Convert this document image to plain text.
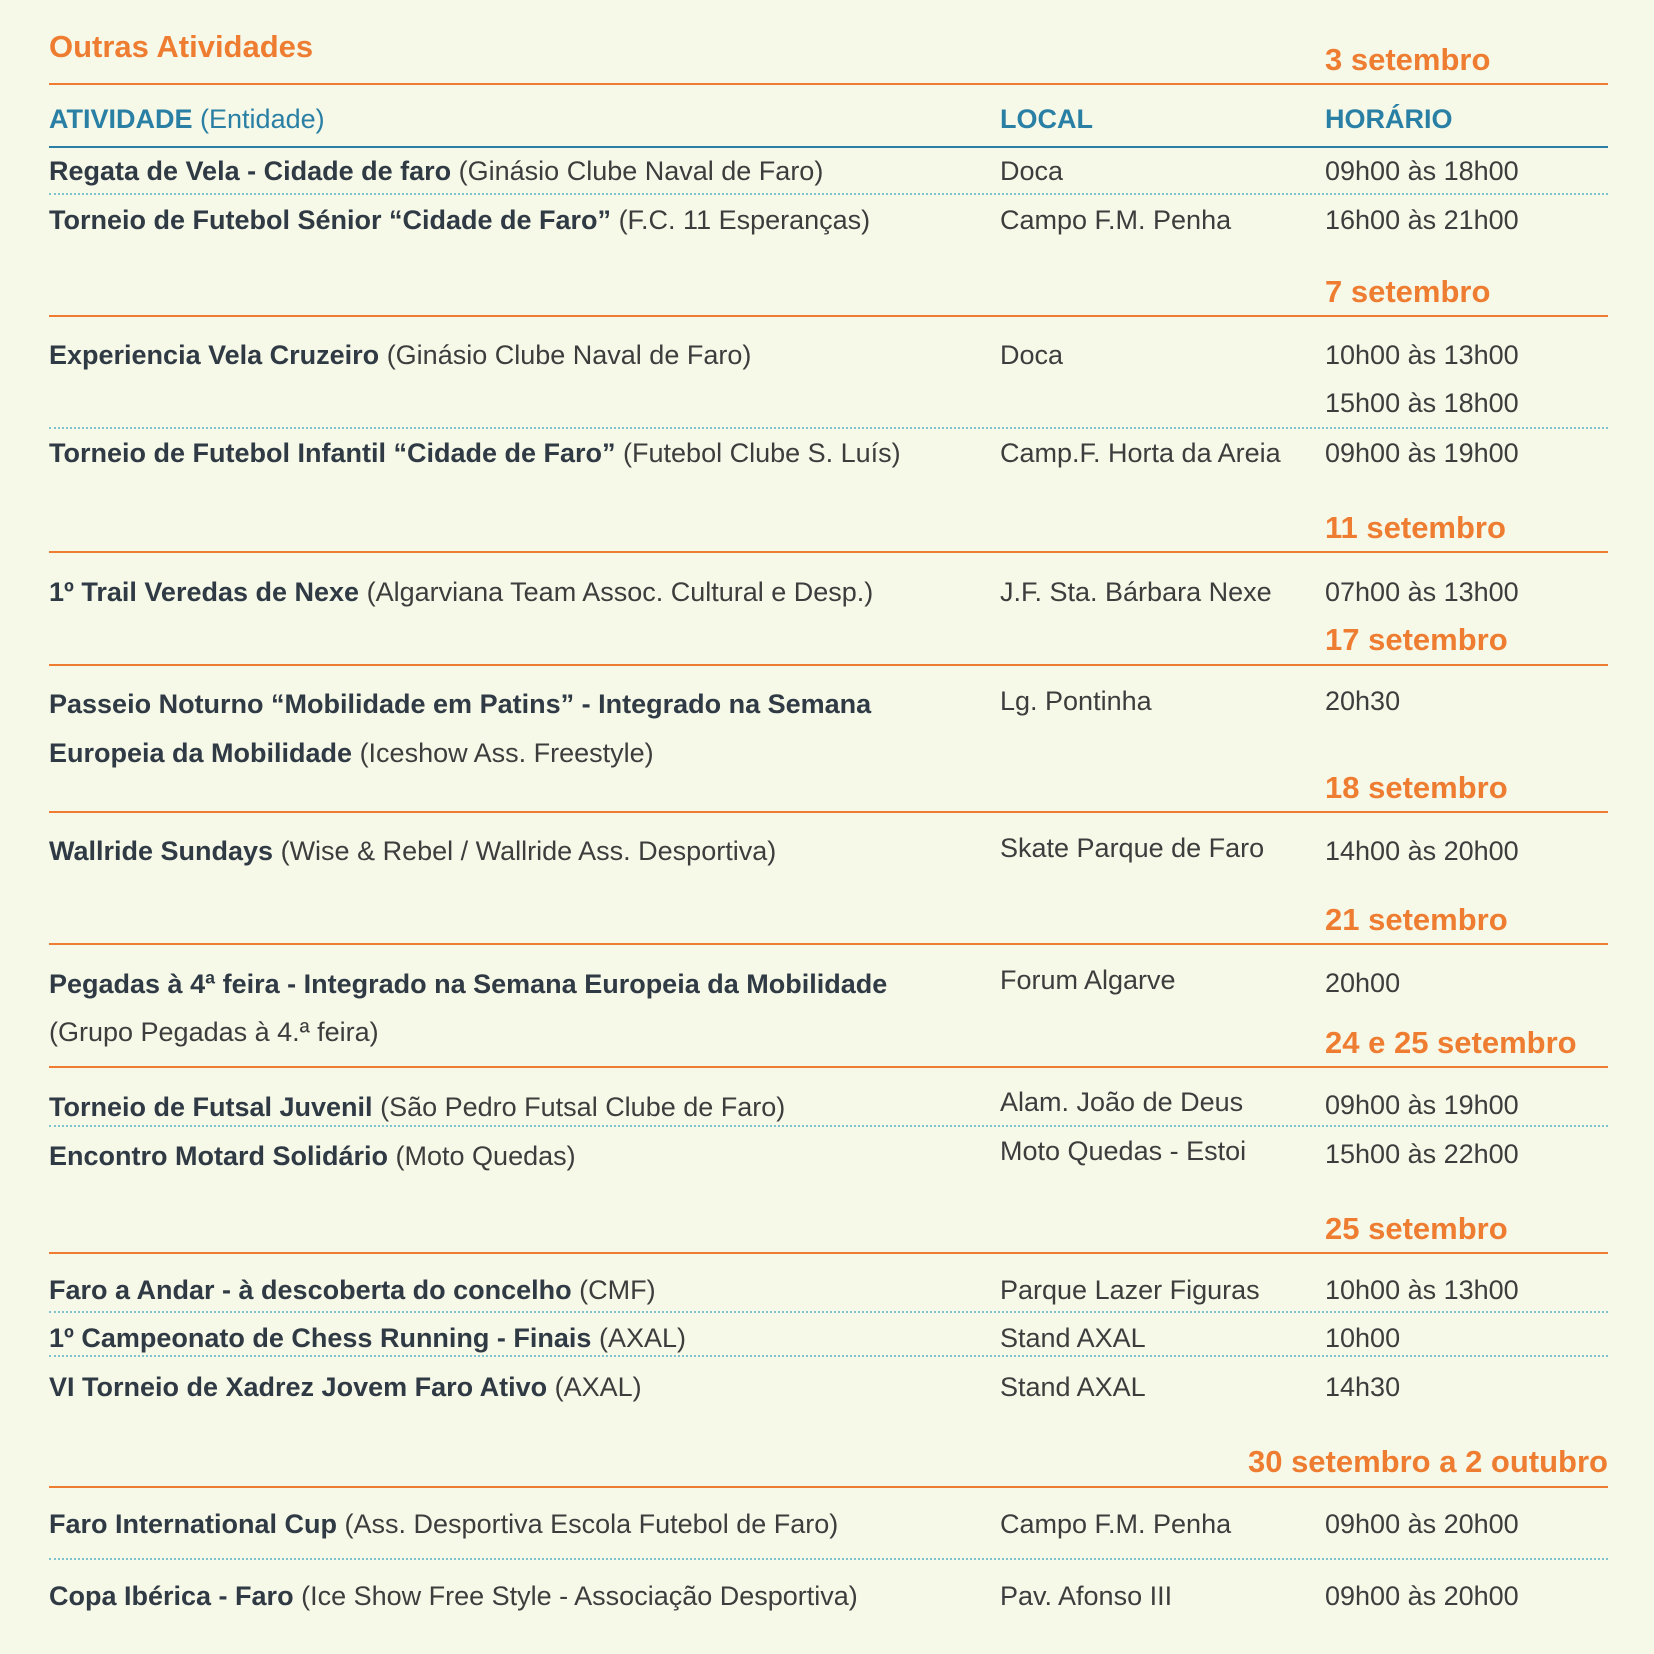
Outras Atividades	3 setembro
ATIVIDADE (Entidade)	LOCAL	HORÁRIO
Regata de Vela - Cidade de faro (Ginásio Clube Naval de Faro)	Doca	09h00 às 18h00
Torneio de Futebol Sénior “Cidade de Faro” (F.C. 11 Esperanças)	Campo F.M. Penha	16h00 às 21h00
7 setembro
Experiencia Vela Cruzeiro (Ginásio Clube Naval de Faro)	Doca	10h00 às 13h00
15h00 às 18h00
Torneio de Futebol Infantil “Cidade de Faro” (Futebol Clube S. Luís)	Camp.F. Horta da Areia 09h00 às 19h00
11 setembro
1º Trail Veredas de Nexe (Algarviana Team Assoc. Cultural e Desp.)	J.F. Sta. Bárbara Nexe 07h00 às 13h00
17 setembro
Passeio Noturno “Mobilidade em Patins” - Integrado na Semana
Europeia da Mobilidade (Iceshow Ass. Freestyle)
Lg. Pontinha	20h30
18 setembro
Wallride Sundays (Wise & Rebel / Wallride Ass. Desportiva)	Skate Parque de Faro 14h00 às 20h00
21 setembro
Pegadas à 4ª feira - Integrado na Semana Europeia da Mobilidade
(Grupo Pegadas à 4.ª feira)
Forum Algarve	20h00
24 e 25 setembro
Torneio de Futsal Juvenil (São Pedro Futsal Clube de Faro)	Alam. João de Deus	09h00 às 19h00
Encontro Motard Solidário (Moto Quedas)	Moto Quedas - Estoi	15h00 às 22h00
25 setembro
Faro a Andar - à descoberta do concelho (CMF)	Parque Lazer Figuras 10h00 às 13h00
1º Campeonato de Chess Running - Finais (AXAL)	Stand AXAL	10h00
VI Torneio de Xadrez Jovem Faro Ativo (AXAL)	Stand AXAL	14h30
30 setembro a 2 outubro
Faro International Cup (Ass. Desportiva Escola Futebol de Faro)	Campo F.M. Penha	09h00 às 20h00
Copa Ibérica - Faro (Ice Show Free Style - Associação Desportiva)	Pav. Afonso III	09h00 às 20h00
